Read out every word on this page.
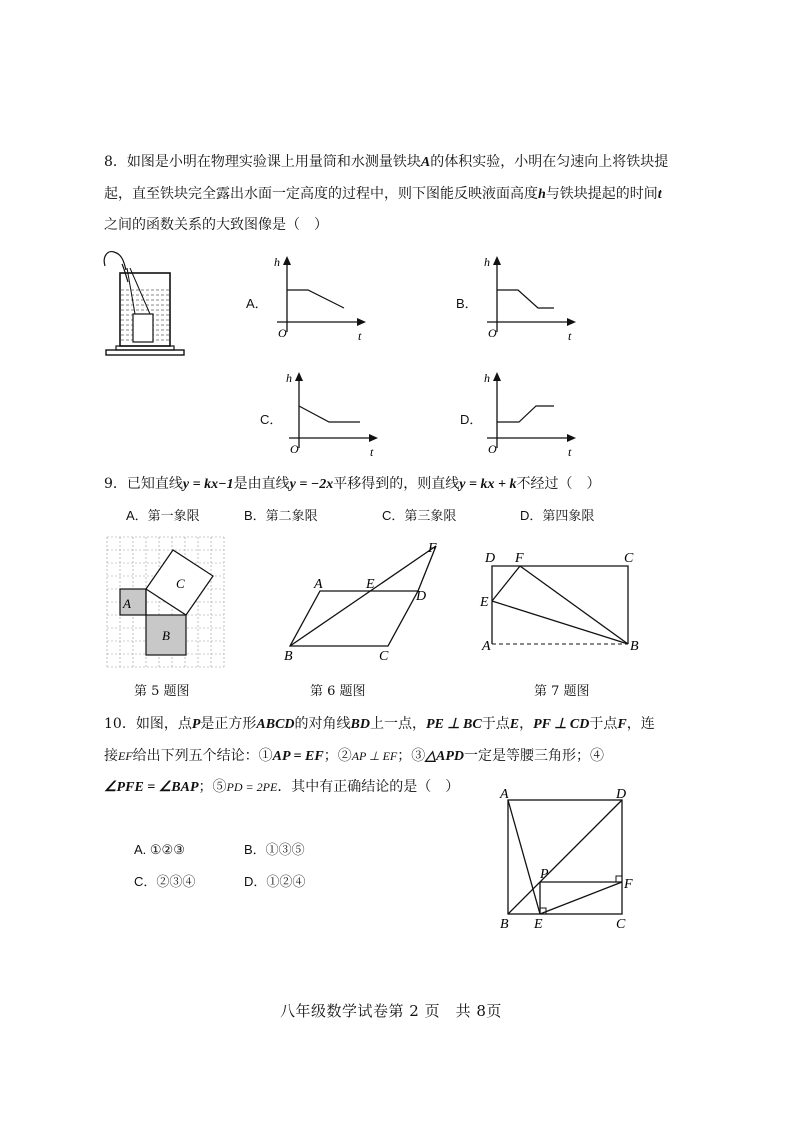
8．如图是小明在物理实验课上用量筒和水测量铁块A的体积实验，小明在匀速向上将铁块提
起，直至铁块完全露出水面一定高度的过程中，则下图能反映液面高度h与铁块提起的时间t
之间的函数关系的大致图像是（　）
A．
h
O	t
B．
h
O	t
C．
h
O	t
D．
h
O	t
9．已知直线y = kx−1是由直线y = −2x平移得到的，则直线y = kx + k不经过（　）
A．第一象限	B．第二象限	C．第三象限	D．第四象限
A
B
C	A	E
F
D
B	C
D F	C
E
A	B
第 5 题图	第 6 题图	第 7 题图
10．如图，点P是正方形ABCD的对角线BD上一点，PE ⊥ BC于点E，PF ⊥ CD于点F，连
接EF给出下列五个结论：①AP = EF；②AP ⊥ EF；③△APD一定是等腰三角形；④
∠PFE = ∠BAP；⑤PD = 2PE．其中有正确结论的是（　）
A. ①②③	B．①③⑤
C．②③④	D．①②④
A	D
P
F
B E	C
八年级数学试卷第 2 页　共 8页
